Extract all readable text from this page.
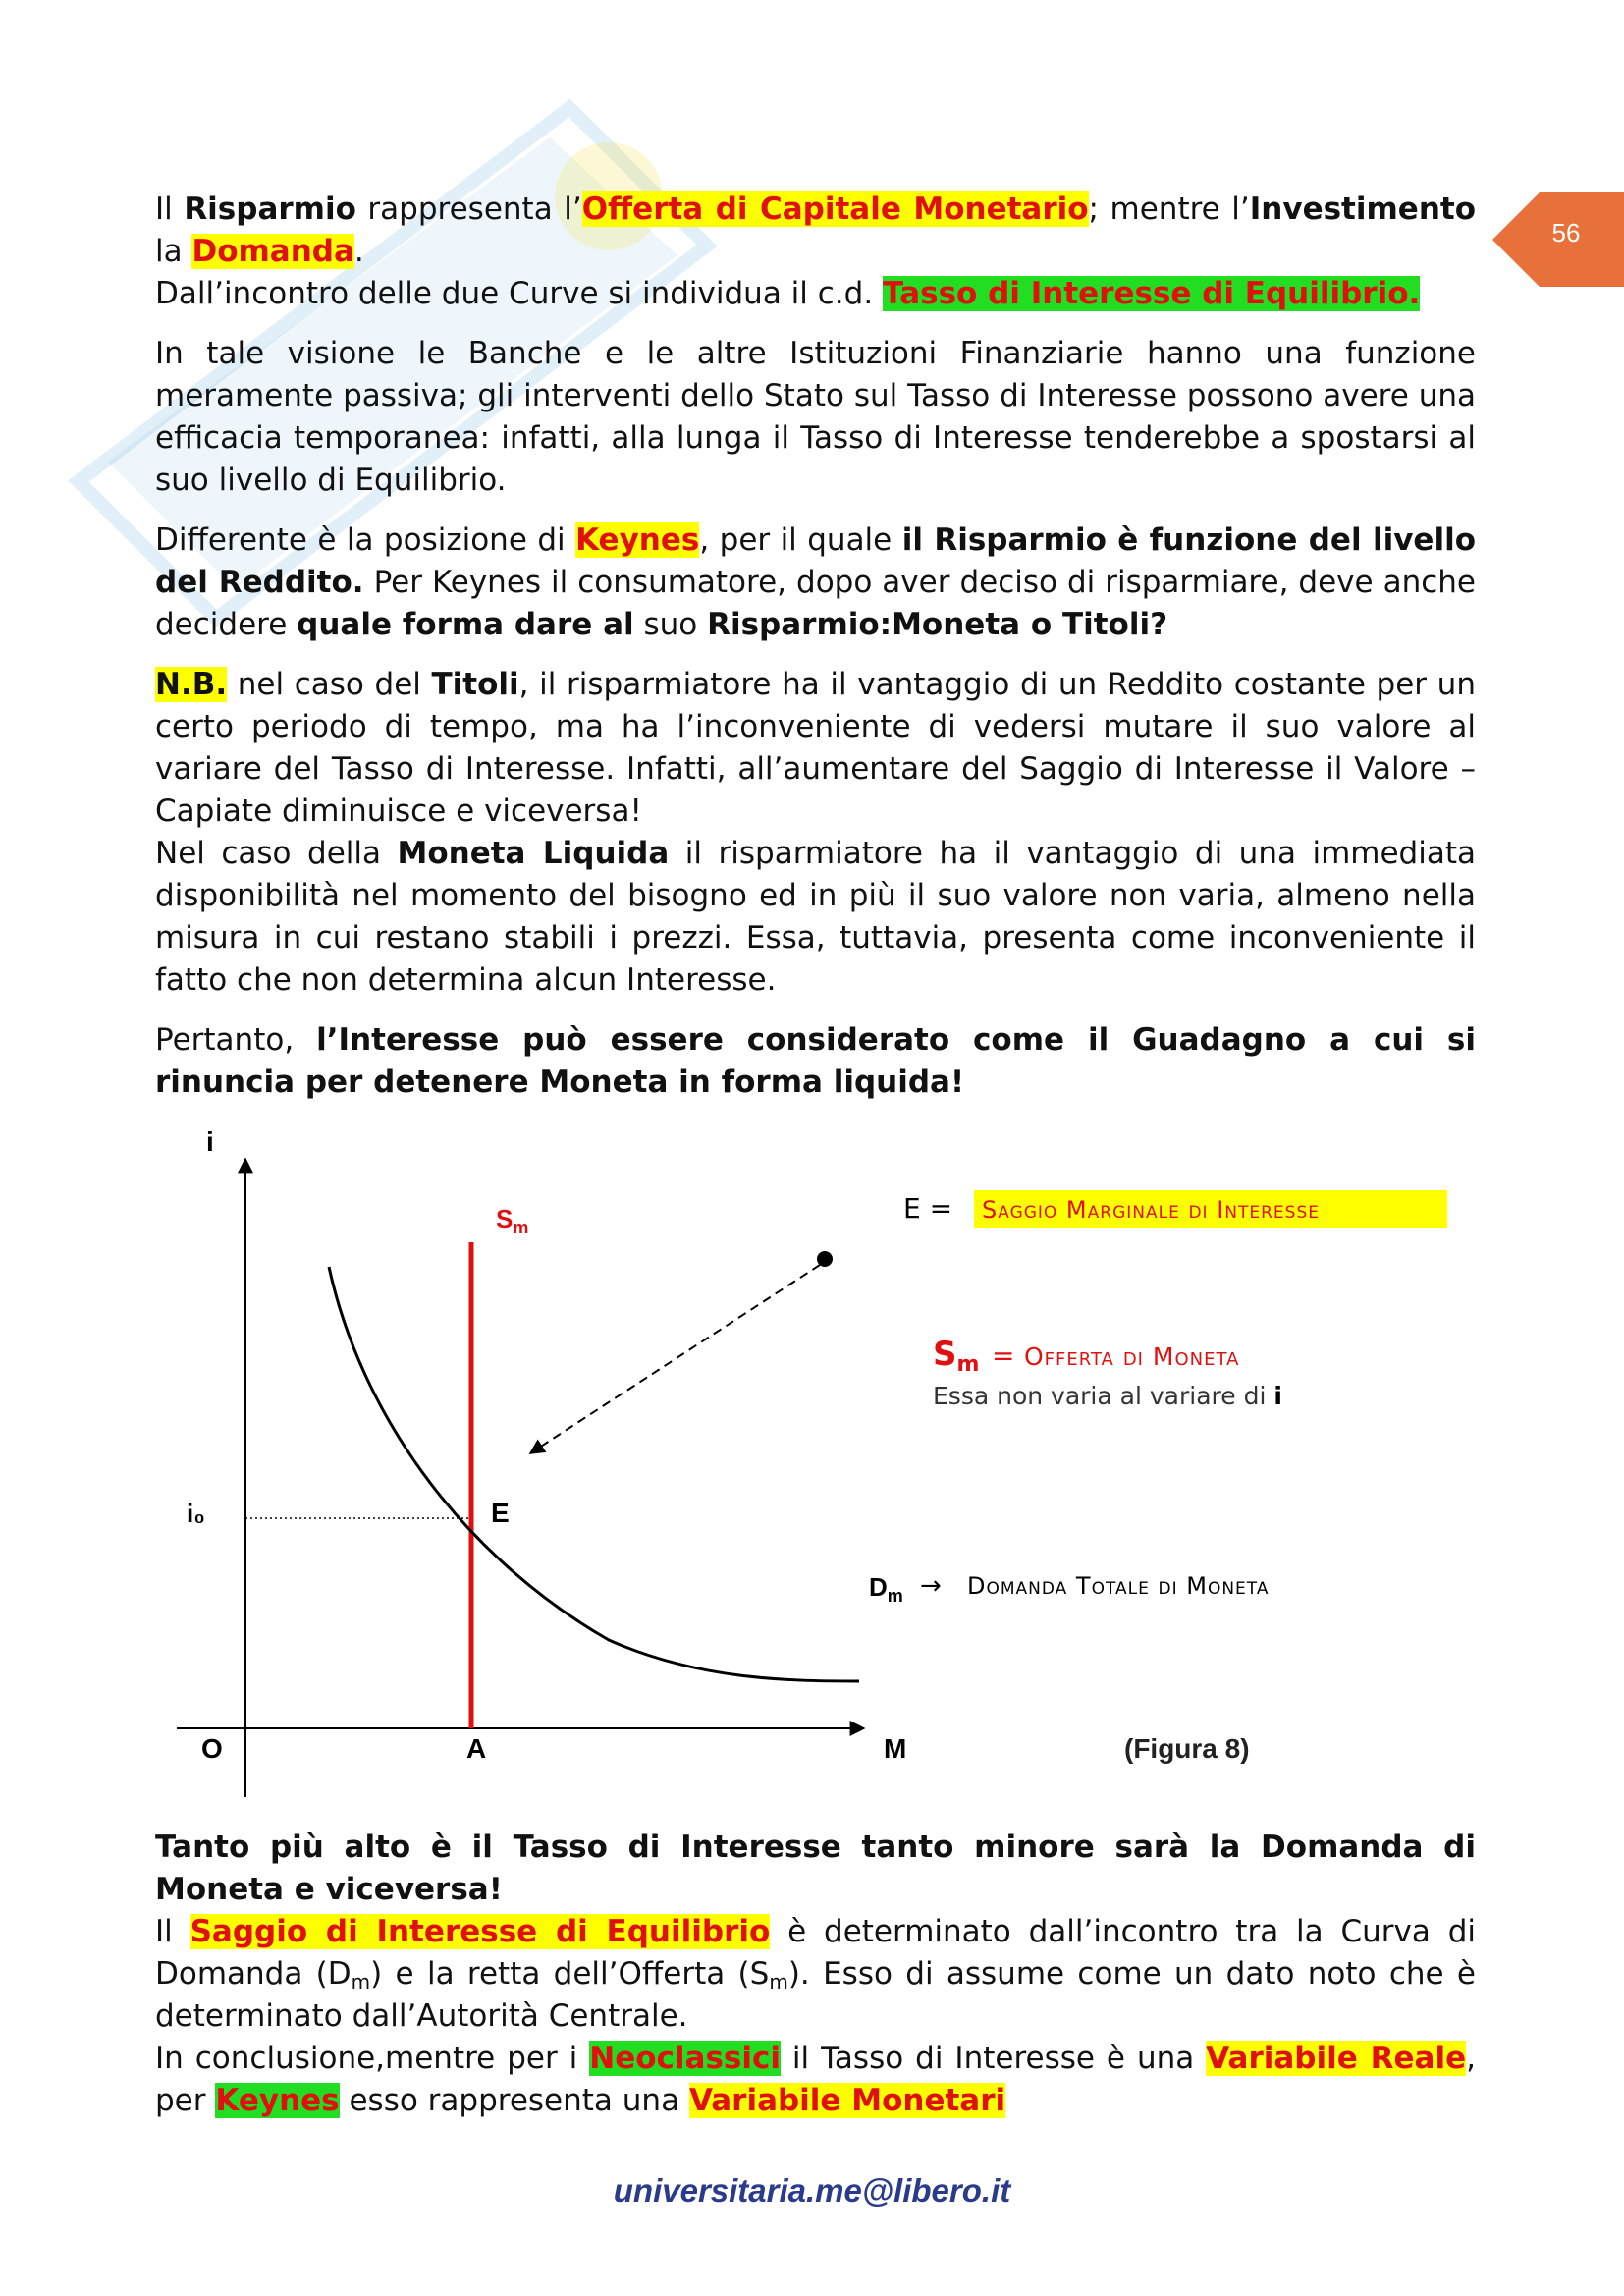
56

Il Risparmio rappresenta l’Offerta di Capitale Monetario; mentre l’Investimento la Domanda.

Dall’incontro delle due Curve si individua il c.d. Tasso di Interesse di Equilibrio.

In tale visione le Banche e le altre Istituzioni Finanziarie hanno una funzione meramente passiva; gli interventi dello Stato sul Tasso di Interesse possono avere una efficacia temporanea: infatti, alla lunga il Tasso di Interesse tenderebbe a spostarsi al suo livello di Equilibrio.

Differente è la posizione di Keynes, per il quale il Risparmio è funzione del livello del Reddito. Per Keynes il consumatore, dopo aver deciso di risparmiare, deve anche decidere quale forma dare al suo Risparmio:Moneta o Titoli?

N.B. nel caso del Titoli, il risparmiatore ha il vantaggio di un Reddito costante per un certo periodo di tempo, ma ha l’inconveniente di vedersi mutare il suo valore al variare del Tasso di Interesse. Infatti, all’aumentare del Saggio di Interesse il Valore – Capiate diminuisce e viceversa!

Nel caso della Moneta Liquida il risparmiatore ha il vantaggio di una immediata disponibilità nel momento del bisogno ed in più il suo valore non varia, almeno nella misura in cui restano stabili i prezzi. Essa, tuttavia, presenta come inconveniente il fatto che non determina alcun Interesse.

Pertanto, l’Interesse può essere considerato come il Guadagno a cui si rinuncia per detenere Moneta in forma liquida!

i
M
O	A
$S_m$
i₀	E
E = Saggio Marginale di Interesse
Sm = Offerta di Moneta
Essa non varia al variare di i
$D_m$ → Domanda Totale di Moneta
(Figura 8)

Tanto più alto è il Tasso di Interesse tanto minore sarà la Domanda di Moneta e viceversa!

Il Saggio di Interesse di Equilibrio è determinato dall’incontro tra la Curva di Domanda $(D_m)$ e la retta dell’Offerta $(S_m)$. Esso di assume come un dato noto che è determinato dall’Autorità Centrale.

In conclusione,mentre per i Neoclassici il Tasso di Interesse è una Variabile Reale, per Keynes esso rappresenta una Variabile Monetari

universitaria.me@libero.it
